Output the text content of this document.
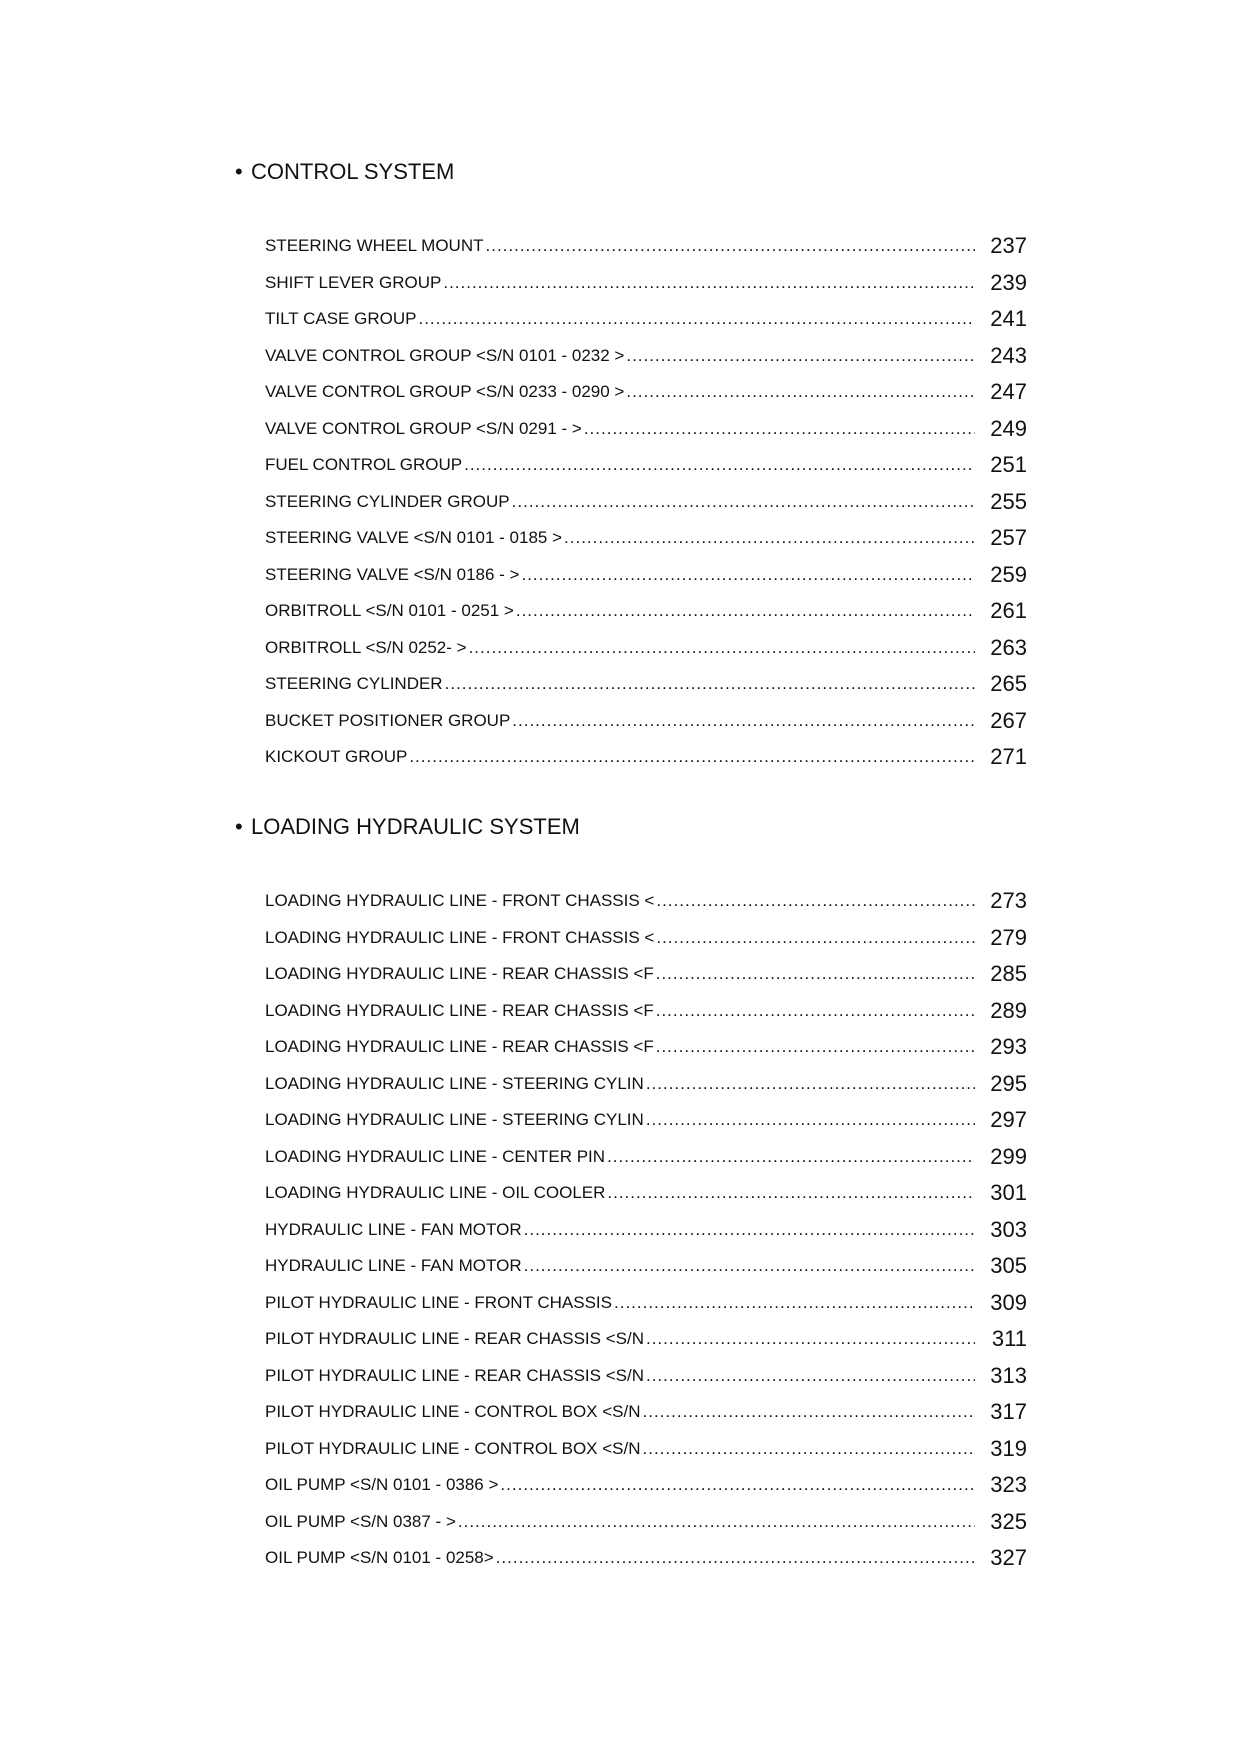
• CONTROL SYSTEM
STEERING WHEEL MOUNT .....	237
SHIFT LEVER GROUP .....	239
TILT CASE GROUP .....	241
VALVE CONTROL GROUP <S/N 0101 - 0232 > .....	243
VALVE CONTROL GROUP <S/N 0233 - 0290 > .....	247
VALVE CONTROL GROUP <S/N 0291 - > .....	249
FUEL CONTROL GROUP .....	251
STEERING CYLINDER GROUP .....	255
STEERING VALVE <S/N 0101 - 0185 > .....	257
STEERING VALVE <S/N 0186 - > .....	259
ORBITROLL <S/N 0101 - 0251 > .....	261
ORBITROLL <S/N 0252- > .....	263
STEERING CYLINDER .....	265
BUCKET POSITIONER GROUP .....	267
KICKOUT GROUP .....	271
• LOADING HYDRAULIC SYSTEM
LOADING HYDRAULIC LINE - FRONT CHASSIS < .....	273
LOADING HYDRAULIC LINE - FRONT CHASSIS < .....	279
LOADING HYDRAULIC LINE - REAR CHASSIS <F .....	285
LOADING HYDRAULIC LINE - REAR CHASSIS <F .....	289
LOADING HYDRAULIC LINE - REAR CHASSIS <F .....	293
LOADING HYDRAULIC LINE - STEERING CYLIN .....	295
LOADING HYDRAULIC LINE - STEERING CYLIN .....	297
LOADING HYDRAULIC LINE - CENTER PIN .....	299
LOADING HYDRAULIC LINE - OIL COOLER .....	301
HYDRAULIC LINE - FAN MOTOR .....	303
HYDRAULIC LINE - FAN MOTOR .....	305
PILOT HYDRAULIC LINE - FRONT CHASSIS .....	309
PILOT HYDRAULIC LINE - REAR CHASSIS <S/N .....	311
PILOT HYDRAULIC LINE - REAR CHASSIS <S/N .....	313
PILOT HYDRAULIC LINE - CONTROL BOX <S/N .....	317
PILOT HYDRAULIC LINE - CONTROL BOX <S/N .....	319
OIL PUMP <S/N 0101 - 0386 > .....	323
OIL PUMP <S/N 0387 - > .....	325
OIL PUMP <S/N 0101 - 0258> .....	327
